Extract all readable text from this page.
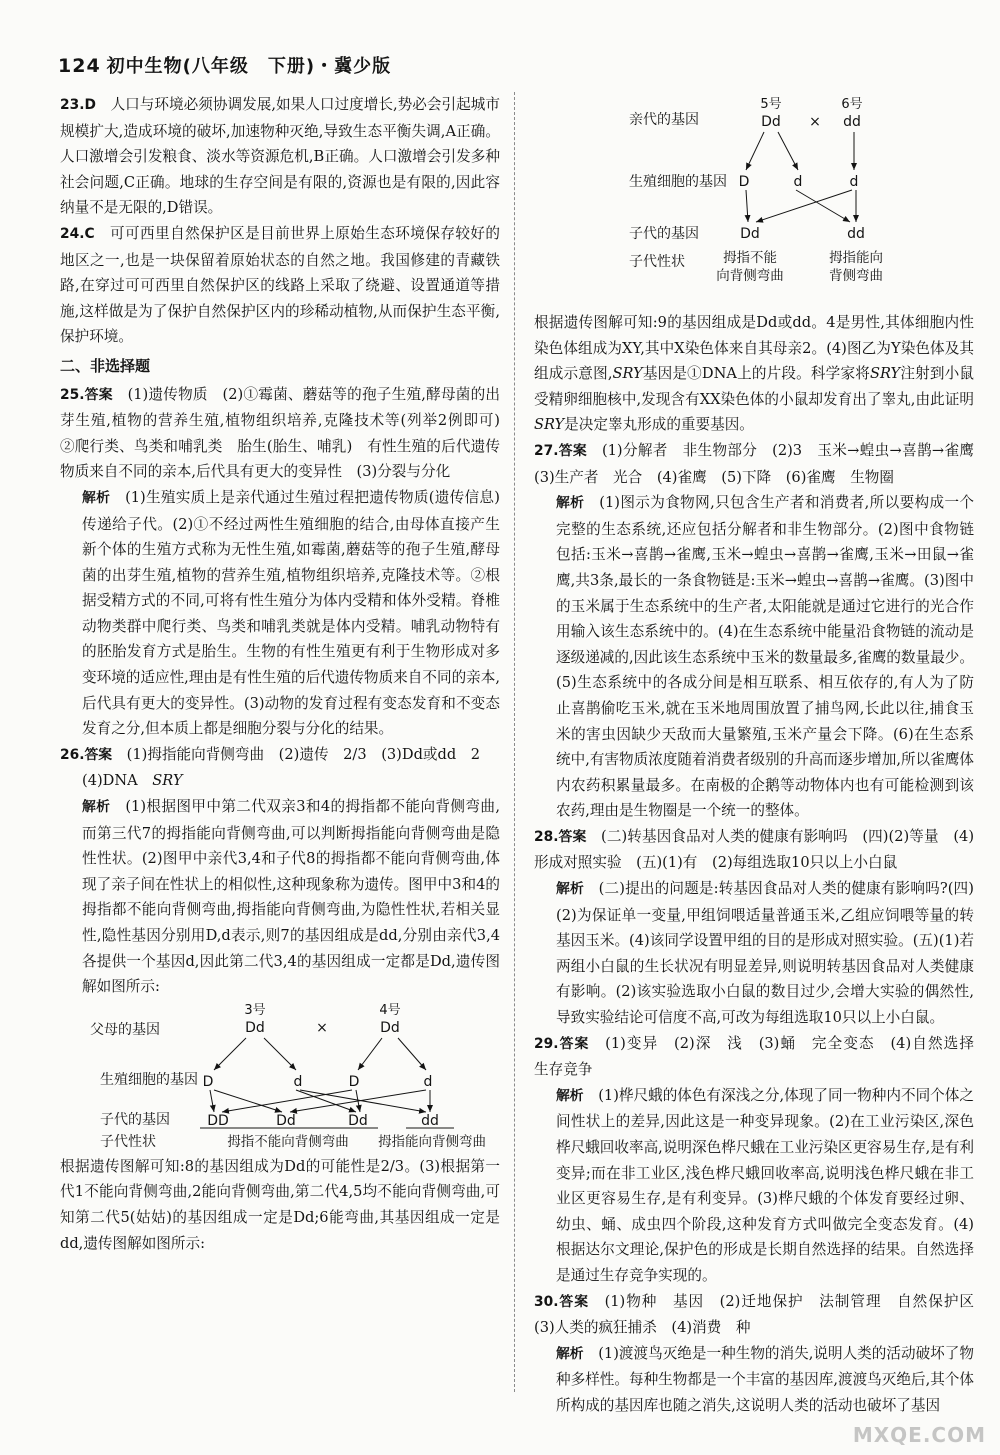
124 初中生物(八年级　下册)・冀少版

23.D　 人口与环境必须协调发展,如果人口过度增长,势必会引起城市规模扩大,造成环境的破坏,加速物种灭绝,导致生态平衡失调,A正确。人口激增会引发粮食、淡水等资源危机,B正确。人口激增会引发多种社会问题,C正确。地球的生存空间是有限的,资源也是有限的,因此容纳量不是无限的,D错误。

24.C　 可可西里自然保护区是目前世界上原始生态环境保存较好的地区之一,也是一块保留着原始状态的自然之地。我国修建的青藏铁路,在穿过可可西里自然保护区的线路上采取了绕避、设置通道等措施,这样做是为了保护自然保护区内的珍稀动植物,从而保护生态平衡,保护环境。

二、非选择题

25.答案　 (1)遗传物质　(2)①霉菌、蘑菇等的孢子生殖,酵母菌的出芽生殖,植物的营养生殖,植物组织培养,克隆技术等(列举2例即可)　②爬行类、鸟类和哺乳类　胎生(胎生、哺乳)　有性生殖的后代遗传物质来自不同的亲本,后代具有更大的变异性　(3)分裂与分化

解析　 (1)生殖实质上是亲代通过生殖过程把遗传物质(遗传信息)传递给子代。(2)①不经过两性生殖细胞的结合,由母体直接产生新个体的生殖方式称为无性生殖,如霉菌,蘑菇等的孢子生殖,酵母菌的出芽生殖,植物的营养生殖,植物组织培养,克隆技术等。②根据受精方式的不同,可将有性生殖分为体内受精和体外受精。脊椎动物类群中爬行类、鸟类和哺乳类就是体内受精。哺乳动物特有的胚胎发育方式是胎生。生物的有性生殖更有利于生物形成对多变环境的适应性,理由是有性生殖的后代遗传物质来自不同的亲本,后代具有更大的变异性。(3)动物的发育过程有变态发育和不变态发育之分,但本质上都是细胞分裂与分化的结果。

26.答案　 (1)拇指能向背侧弯曲　(2)遗传　2/3　(3)Dd或dd　2

(4)DNA　SRY

解析　 (1)根据图甲中第二代双亲3和4的拇指都不能向背侧弯曲,而第三代7的拇指能向背侧弯曲,可以判断拇指能向背侧弯曲是隐性性状。(2)图甲中亲代3,4和子代8的拇指都不能向背侧弯曲,体现了亲子间在性状上的相似性,这种现象称为遗传。图甲中3和4的拇指都不能向背侧弯曲,拇指能向背侧弯曲,为隐性性状,若相关显性,隐性基因分别用D,d表示,则7的基因组成是dd,分别由亲代3,4各提供一个基因d,因此第二代3,4的基因组成一定都是Dd,遗传图解如图所示:

父母的基因
生殖细胞的基因
子代的基因
子代性状
3号	4号
Dd	×	Dd
D	d	D	d
DD	Dd	Dd	dd
拇指不能向背侧弯曲 拇指能向背侧弯曲

根据遗传图解可知:8的基因组成为Dd的可能性是2/3。(3)根据第一代1不能向背侧弯曲,2能向背侧弯曲,第二代4,5均不能向背侧弯曲,可知第二代5(姑姑)的基因组成一定是Dd;6能弯曲,其基因组成一定是dd,遗传图解如图所示:

亲代的基因
生殖细胞的基因
子代的基因
子代性状
5号	6号
Dd × dd
D	d	d
Dd	dd
拇指不能
向背侧弯曲
拇指能向
背侧弯曲

根据遗传图解可知:9的基因组成是Dd或dd。4是男性,其体细胞内性染色体组成为XY,其中X染色体来自其母亲2。(4)图乙为Y染色体及其组成示意图,SRY基因是①DNA上的片段。科学家将SRY注射到小鼠受精卵细胞核中,发现含有XX染色体的小鼠却发育出了睾丸,由此证明SRY是决定睾丸形成的重要基因。

27.答案　 (1)分解者　非生物部分　(2)3　玉米→蝗虫→喜鹊→雀鹰　(3)生产者　光合　(4)雀鹰　(5)下降　(6)雀鹰　生物圈

解析　 (1)图示为食物网,只包含生产者和消费者,所以要构成一个完整的生态系统,还应包括分解者和非生物部分。(2)图中食物链包括:玉米→喜鹊→雀鹰,玉米→蝗虫→喜鹊→雀鹰,玉米→田鼠→雀鹰,共3条,最长的一条食物链是:玉米→蝗虫→喜鹊→雀鹰。(3)图中的玉米属于生态系统中的生产者,太阳能就是通过它进行的光合作用输入该生态系统中的。(4)在生态系统中能量沿食物链的流动是逐级递减的,因此该生态系统中玉米的数量最多,雀鹰的数量最少。(5)生态系统中的各成分间是相互联系、相互依存的,有人为了防止喜鹊偷吃玉米,就在玉米地周围放置了捕鸟网,长此以往,捕食玉米的害虫因缺少天敌而大量繁殖,玉米产量会下降。(6)在生态系统中,有害物质浓度随着消费者级别的升高而逐步增加,所以雀鹰体内农药积累量最多。在南极的企鹅等动物体内也有可能检测到该农药,理由是生物圈是一个统一的整体。

28.答案　 (二)转基因食品对人类的健康有影响吗　(四)(2)等量　(4)形成对照实验　(五)(1)有　(2)每组选取10只以上小白鼠

解析　 (二)提出的问题是:转基因食品对人类的健康有影响吗?(四)(2)为保证单一变量,甲组饲喂适量普通玉米,乙组应饲喂等量的转基因玉米。(4)该同学设置甲组的目的是形成对照实验。(五)(1)若两组小白鼠的生长状况有明显差异,则说明转基因食品对人类健康有影响。(2)该实验选取小白鼠的数目过少,会增大实验的偶然性,导致实验结论可信度不高,可改为每组选取10只以上小白鼠。

29.答案　 (1)变异　(2)深　浅　(3)蛹　完全变态　(4)自然选择　生存竞争

解析　 (1)桦尺蛾的体色有深浅之分,体现了同一物种内不同个体之间性状上的差异,因此这是一种变异现象。(2)在工业污染区,深色桦尺蛾回收率高,说明深色桦尺蛾在工业污染区更容易生存,是有利变异;而在非工业区,浅色桦尺蛾回收率高,说明浅色桦尺蛾在非工业区更容易生存,是有利变异。(3)桦尺蛾的个体发育要经过卵、幼虫、蛹、成虫四个阶段,这种发育方式叫做完全变态发育。(4)根据达尔文理论,保护色的形成是长期自然选择的结果。自然选择是通过生存竞争实现的。

30.答案　 (1)物种　基因　(2)迁地保护　法制管理　自然保护区　(3)人类的疯狂捕杀　(4)消费　种

解析　 (1)渡渡鸟灭绝是一种生物的消失,说明人类的活动破坏了物种多样性。每种生物都是一个丰富的基因库,渡渡鸟灭绝后,其个体所构成的基因库也随之消失,这说明人类的活动也破坏了基因

MXQE.COM
